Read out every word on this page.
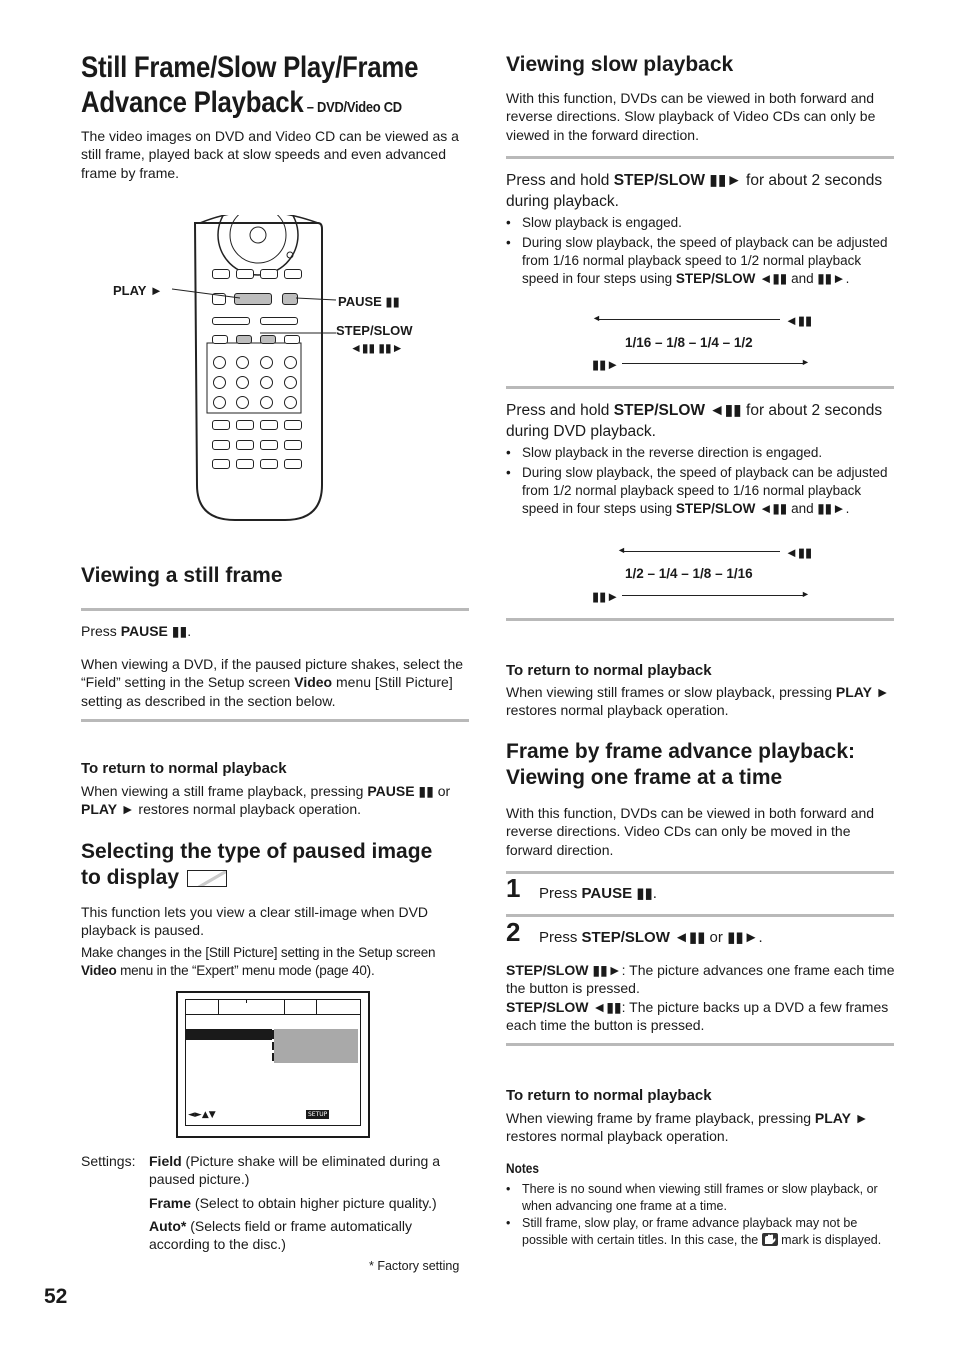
Still Frame/Slow Play/Frame
Advance Playback – DVD/Video CD
The video images on DVD and Video CD can be viewed as a still frame, played back at slow speeds and even advanced frame by frame.
PLAY ►
PAUSE ▮▮
STEP/SLOW
◄▮▮ ▮▮►
Viewing a still frame
Press PAUSE ▮▮.
When viewing a DVD, if the paused picture shakes, select the “Field” setting in the Setup screen Video menu [Still Picture] setting as described in the section below.
To return to normal playback
When viewing a still frame playback, pressing PAUSE ▮▮ or PLAY ► restores normal playback operation.
Selecting the type of paused image
to display
This function lets you view a clear still-image when DVD playback is paused.
Make changes in the [Still Picture] setting in the Setup screen Video menu in the “Expert” menu mode (page 40).
◄►▲▼	SETUP
Settings: Field (Picture shake will be eliminated during a paused picture.)
Frame (Select to obtain higher picture quality.)
Auto* (Selects field or frame automatically according to the disc.)
* Factory setting
52
Viewing slow playback
With this function, DVDs can be viewed in both forward and reverse directions. Slow playback of Video CDs can only be viewed in the forward direction.
Press and hold STEP/SLOW ▮▮► for about 2 seconds during playback.
• Slow playback is engaged.
• During slow playback, the speed of playback can be adjusted from 1/16 normal playback speed to 1/2 normal playback speed in four steps using STEP/SLOW ◄▮▮ and ▮▮►.
◄	◄▮▮
1/16 – 1/8 – 1/4 – 1/2
▮▮►	►
Press and hold STEP/SLOW ◄▮▮ for about 2 seconds during DVD playback.
• Slow playback in the reverse direction is engaged.
• During slow playback, the speed of playback can be adjusted from 1/2 normal playback speed to 1/16 normal playback speed in four steps using STEP/SLOW ◄▮▮ and ▮▮►.
◄	◄▮▮
1/2 – 1/4 – 1/8 – 1/16
▮▮►	►
To return to normal playback
When viewing still frames or slow playback, pressing PLAY ► restores normal playback operation.
Frame by frame advance playback:
Viewing one frame at a time
With this function, DVDs can be viewed in both forward and reverse directions. Video CDs can only be moved in the forward direction.
1 Press PAUSE ▮▮.
2 Press STEP/SLOW ◄▮▮ or ▮▮►.
STEP/SLOW ▮▮►: The picture advances one frame each time the button is pressed.
STEP/SLOW ◄▮▮: The picture backs up a DVD a few frames each time the button is pressed.
To return to normal playback
When viewing frame by frame playback, pressing PLAY ► restores normal playback operation.
Notes
• There is no sound when viewing still frames or slow playback, or when advancing one frame at a time.
• Still frame, slow play, or frame advance playback may not be possible with certain titles. In this case, the
mark is displayed.
